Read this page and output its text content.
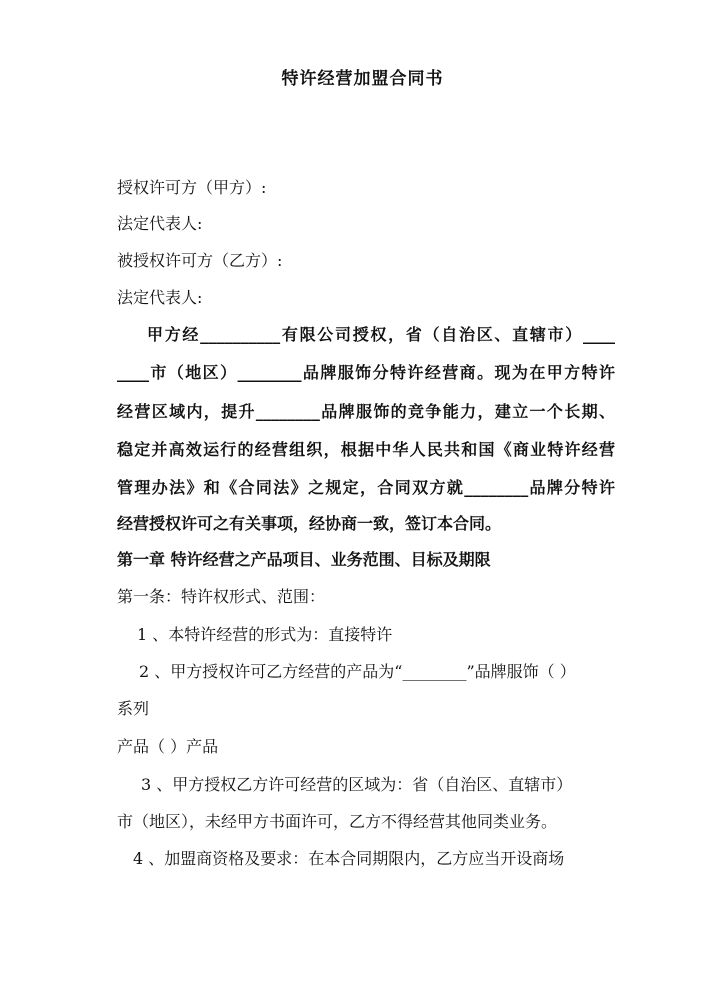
特许经营加盟合同书
授权许可方（甲方）:
法定代表人:
被授权许可方（乙方）:
法定代表人:
甲方经__________有限公司授权，省（自治区、直辖市）____
____市（地区）________品牌服饰分特许经营商。现为在甲方特许
经营区域内，提升________品牌服饰的竞争能力，建立一个长期、
稳定并高效运行的经营组织，根据中华人民共和国《商业特许经营
管理办法》和《合同法》之规定，合同双方就________品牌分特许
经营授权许可之有关事项，经协商一致，签订本合同。
第一章 特许经营之产品项目、业务范围、目标及期限
第一条：特许权形式、范围：
1 、本特许经营的形式为：直接特许
2 、甲方授权许可乙方经营的产品为“________”品牌服饰（ ）
系列
产品（ ）产品
3 、甲方授权乙方许可经营的区域为：省（自治区、直辖市）
市（地区），未经甲方书面许可，乙方不得经营其他同类业务。
4 、加盟商资格及要求：在本合同期限内，乙方应当开设商场
